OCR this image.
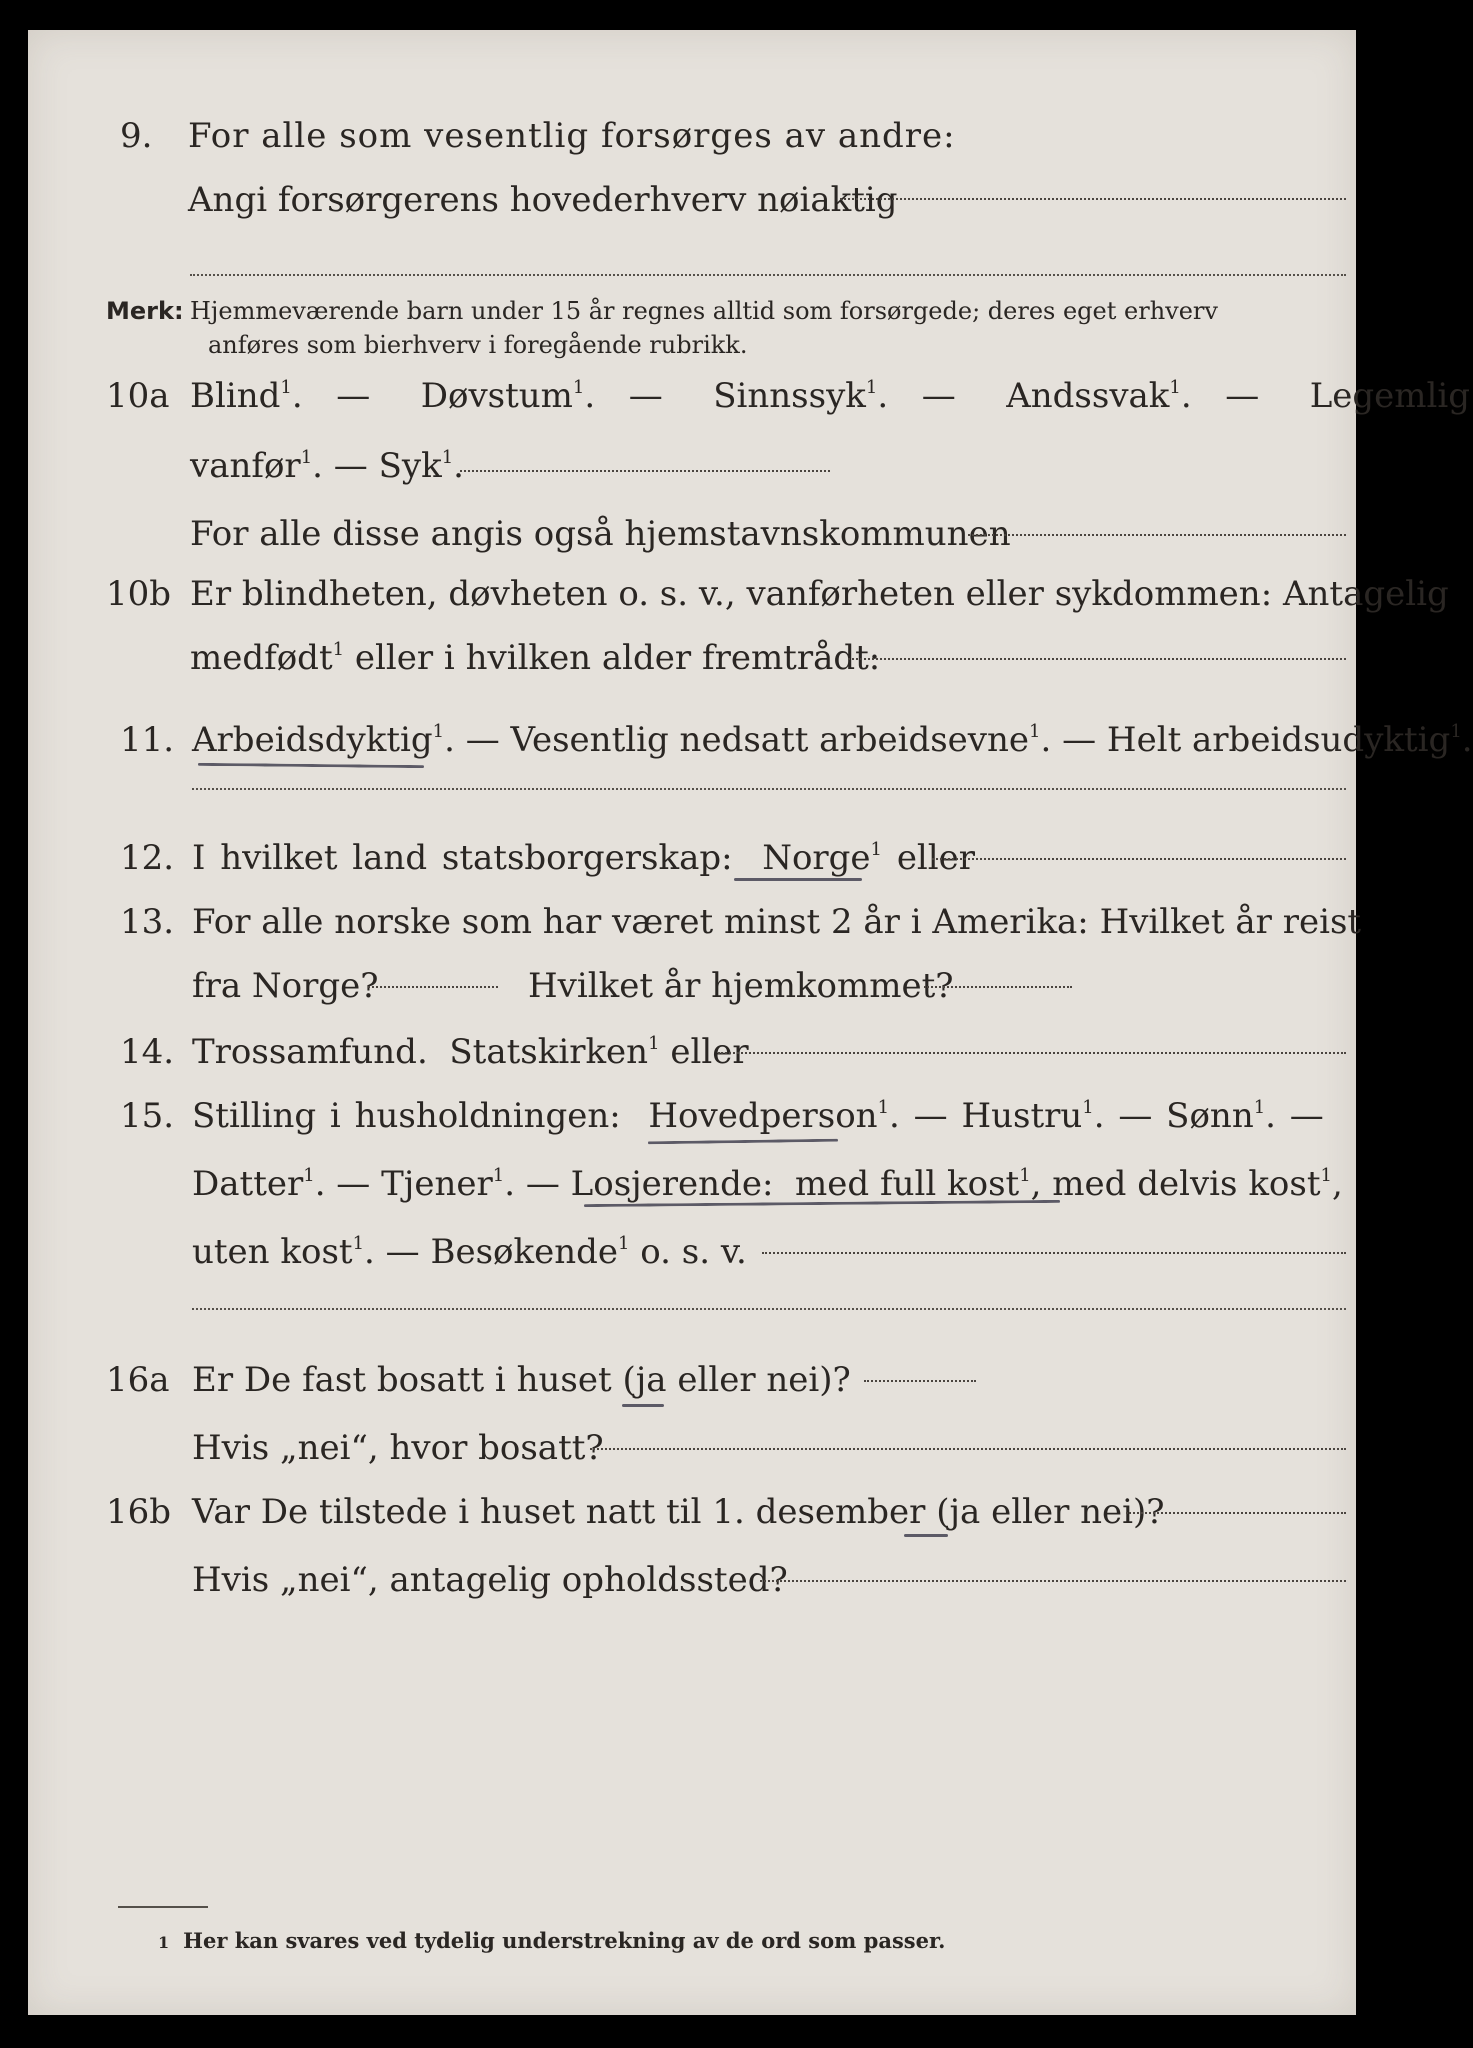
9. For alle som vesentlig forsørges av andre:
Angi forsørgerens hovederhverv nøiaktig
Merk: Hjemmeværende barn under 15 år regnes alltid som forsørgede; deres eget erhverv
anføres som bierhverv i foregående rubrikk.
10a Blind$^1$.  —   Døvstum$^1$.  —   Sinnssyk$^1$.  —   Andssvak$^1$.  —   Legemlig
vanfør$^1$. — Syk$^1$.
For alle disse angis også hjemstavnskommunen
10b Er blindheten, døvheten o. s. v., vanførheten eller sykdommen: Antagelig
medfødt$^1$ eller i hvilken alder fremtrådt:
11. Arbeidsdyktig$^1$. — Vesentlig nedsatt arbeidsevne$^1$. — Helt arbeidsudyktig$^1$.
12. I hvilket land statsborgerskap: Norge$^1$ eller
13. For alle norske som har været minst 2 år i Amerika: Hvilket år reist
fra Norge?	Hvilket år hjemkommet?
14. Trossamfund. Statskirken$^1$ eller
15. Stilling i husholdningen: Hovedperson$^1$. — Hustru$^1$. — Sønn$^1$. —
Datter$^1$. — Tjener$^1$. — Losjerende: med full kost$^1$, med delvis kost$^1$,
uten kost$^1$. — Besøkende$^1$ o. s. v.
16a Er De fast bosatt i huset (ja eller nei)?
Hvis „nei“, hvor bosatt?
16b Var De tilstede i huset natt til 1. desember (ja eller nei)?
Hvis „nei“, antagelig opholdssted?
1 Her kan svares ved tydelig understrekning av de ord som passer.
